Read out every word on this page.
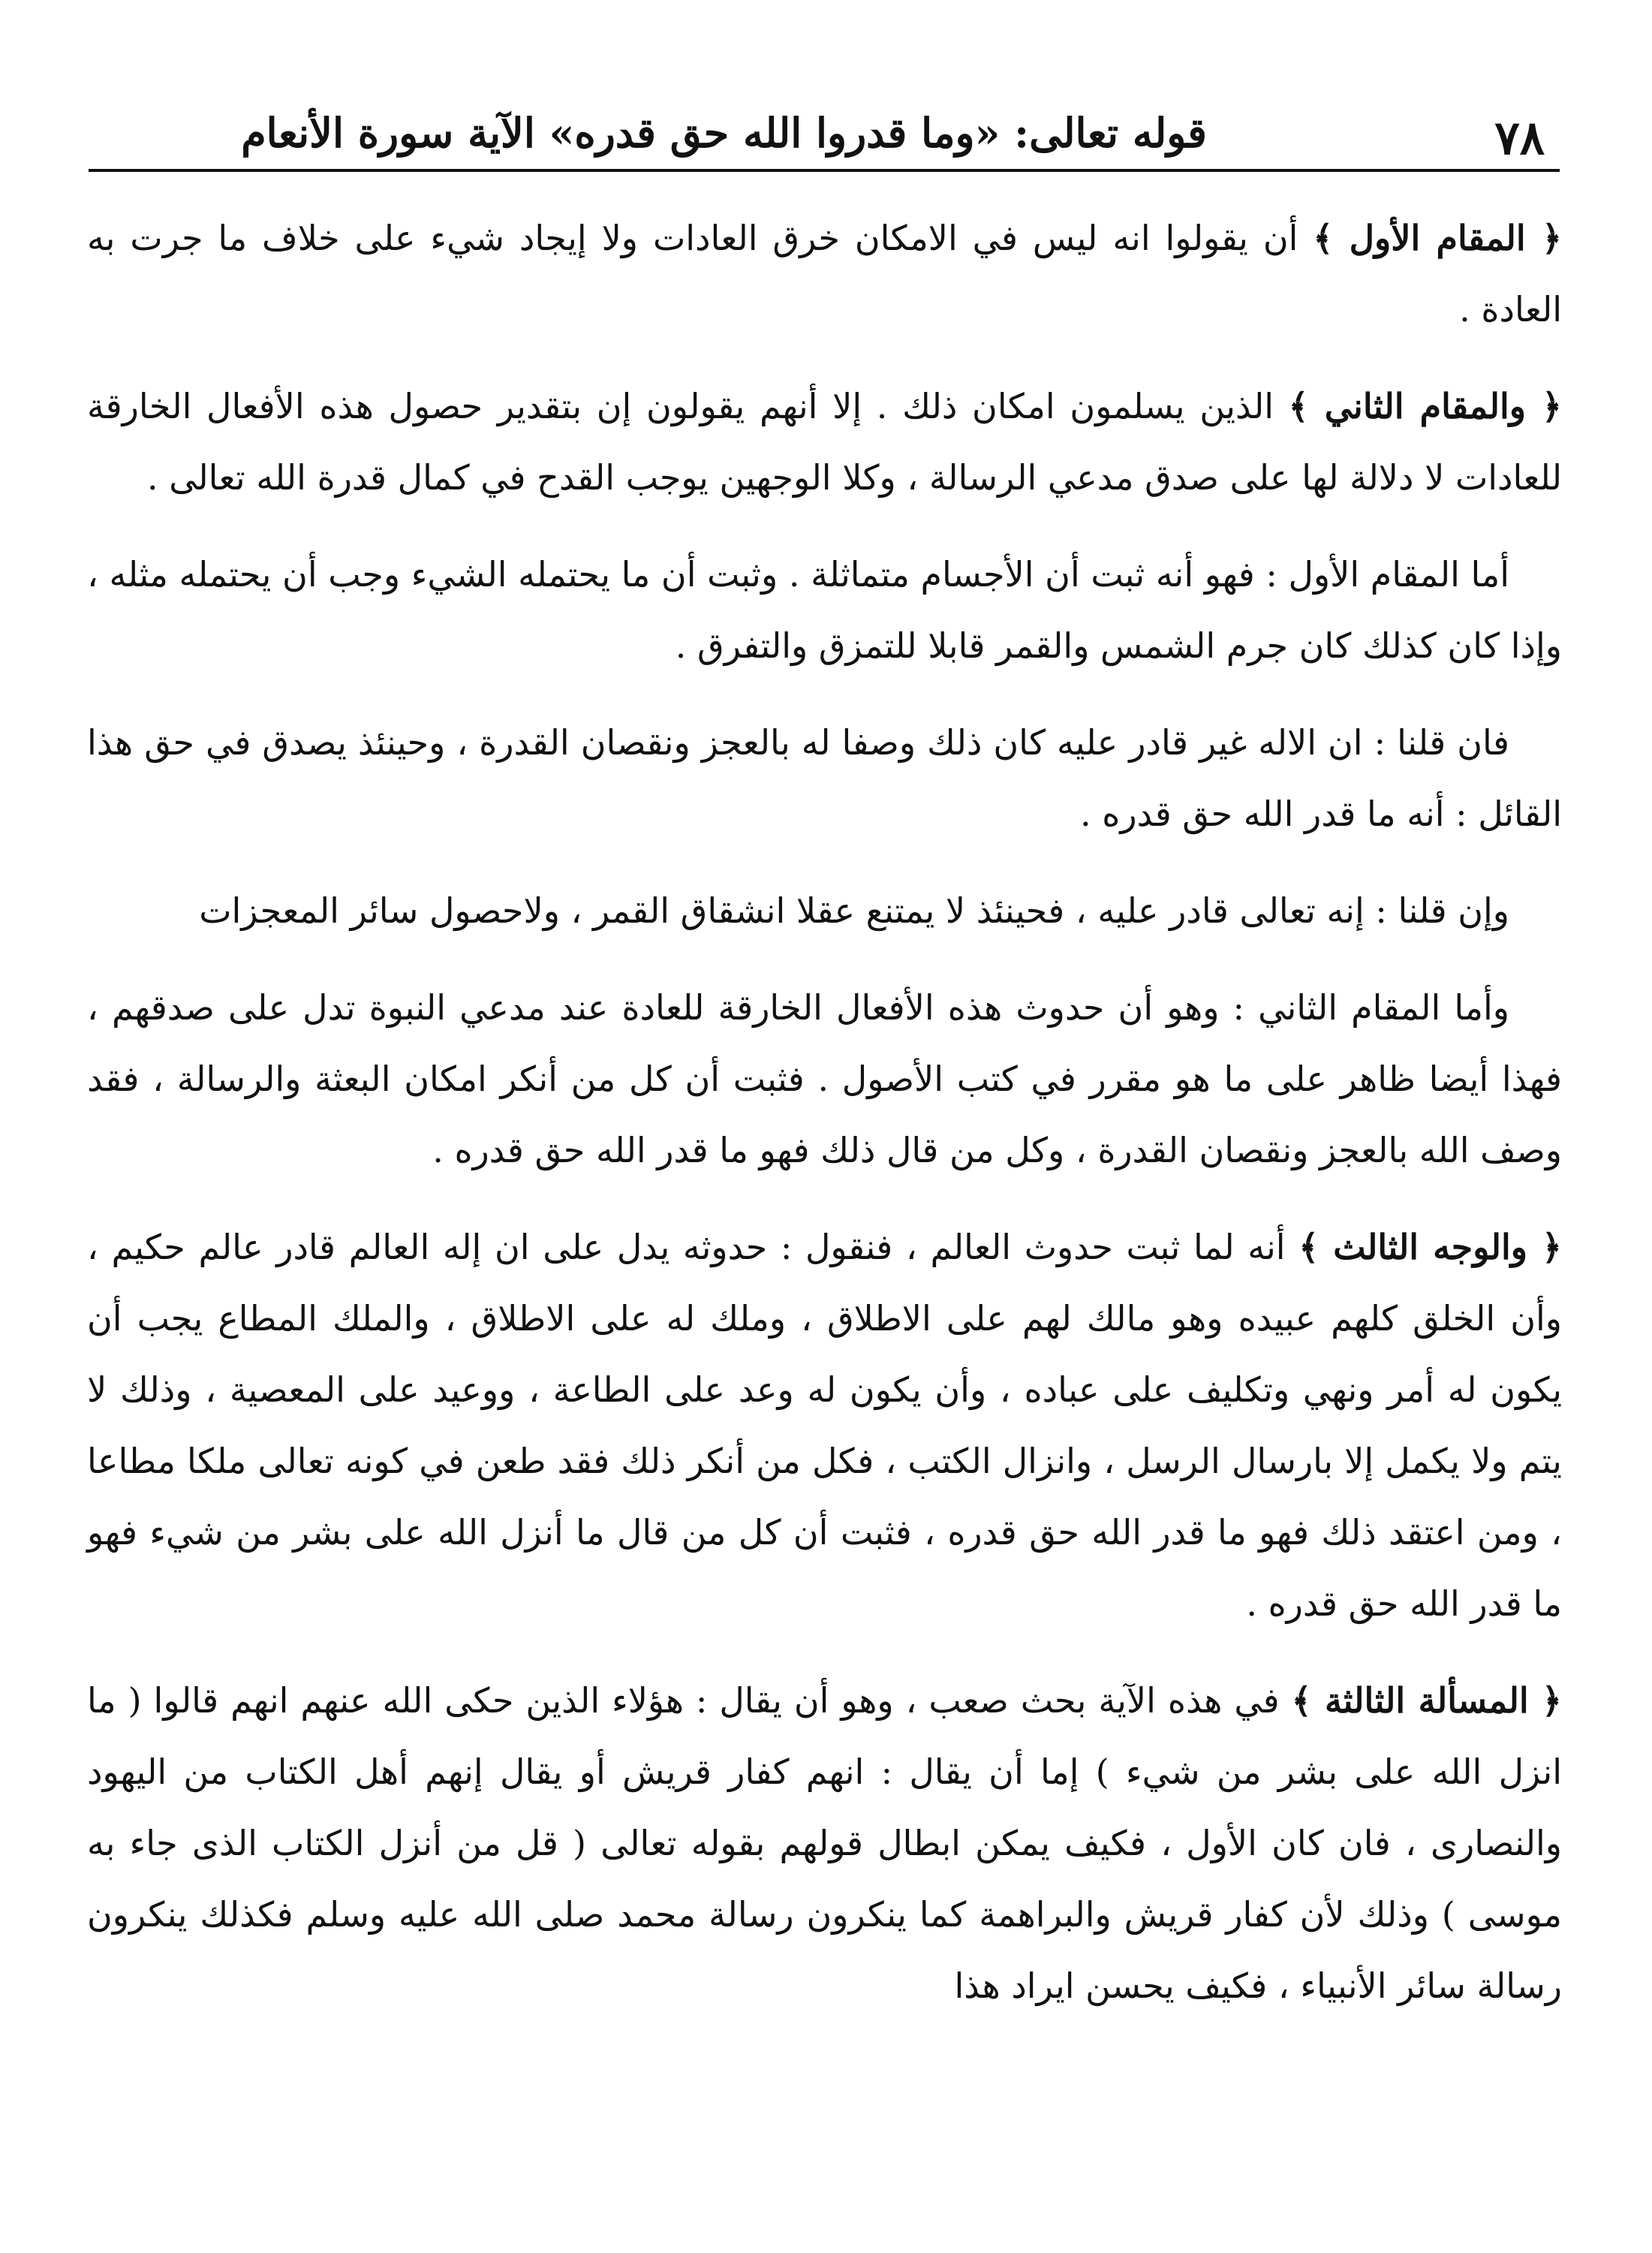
٧٨
قوله تعالى: «وما قدروا الله حق قدره» الآية سورة الأنعام

﴿ المقام الأول ﴾ أن يقولوا انه ليس في الامكان خرق العادات ولا إيجاد شيء على خلاف ما جرت به العادة .

﴿ والمقام الثاني ﴾ الذين يسلمون امكان ذلك . إلا أنهم يقولون إن بتقدير حصول هذه الأفعال الخارقة للعادات لا دلالة لها على صدق مدعي الرسالة ، وكلا الوجهين يوجب القدح في كمال قدرة الله تعالى .

أما المقام الأول : فهو أنه ثبت أن الأجسام متماثلة . وثبت أن ما يحتمله الشيء وجب أن يحتمله مثله ، وإذا كان كذلك كان جرم الشمس والقمر قابلا للتمزق والتفرق .

فان قلنا : ان الاله غير قادر عليه كان ذلك وصفا له بالعجز ونقصان القدرة ، وحينئذ يصدق في حق هذا القائل : أنه ما قدر الله حق قدره .

وإن قلنا : إنه تعالى قادر عليه ، فحينئذ لا يمتنع عقلا انشقاق القمر ، ولاحصول سائر المعجزات

وأما المقام الثاني : وهو أن حدوث هذه الأفعال الخارقة للعادة عند مدعي النبوة تدل على صدقهم ، فهذا أيضا ظاهر على ما هو مقرر في كتب الأصول . فثبت أن كل من أنكر امكان البعثة والرسالة ، فقد وصف الله بالعجز ونقصان القدرة ، وكل من قال ذلك فهو ما قدر الله حق قدره .

﴿ والوجه الثالث ﴾ أنه لما ثبت حدوث العالم ، فنقول : حدوثه يدل على ان إله العالم قادر عالم حكيم ، وأن الخلق كلهم عبيده وهو مالك لهم على الاطلاق ، وملك له على الاطلاق ، والملك المطاع يجب أن يكون له أمر ونهي وتكليف على عباده ، وأن يكون له وعد على الطاعة ، ووعيد على المعصية ، وذلك لا يتم ولا يكمل إلا بارسال الرسل ، وانزال الكتب ، فكل من أنكر ذلك فقد طعن في كونه تعالى ملكا مطاعا ، ومن اعتقد ذلك فهو ما قدر الله حق قدره ، فثبت أن كل من قال ما أنزل الله على بشر من شيء فهو ما قدر الله حق قدره .

﴿ المسألة الثالثة ﴾ في هذه الآية بحث صعب ، وهو أن يقال : هؤلاء الذين حكى الله عنهم انهم قالوا ( ما انزل الله على بشر من شيء ) إما أن يقال : انهم كفار قريش أو يقال إنهم أهل الكتاب من اليهود والنصارى ، فان كان الأول ، فكيف يمكن ابطال قولهم بقوله تعالى ( قل من أنزل الكتاب الذى جاء به موسى ) وذلك لأن كفار قريش والبراهمة كما ينكرون رسالة محمد صلى الله عليه وسلم فكذلك ينكرون رسالة سائر الأنبياء ، فكيف يحسن ايراد هذا
